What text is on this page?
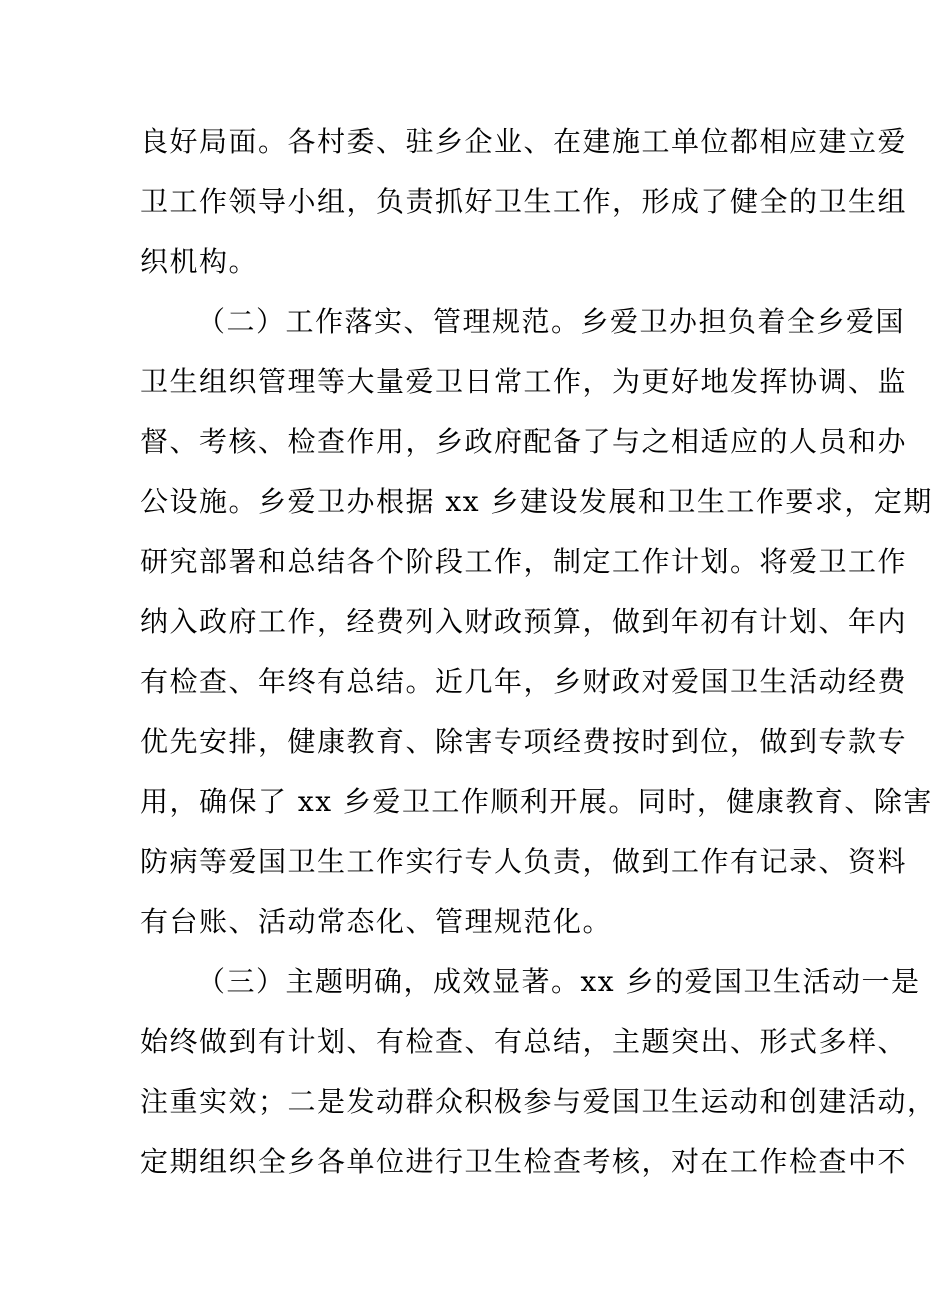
良好局面。各村委、驻乡企业、在建施工单位都相应建立爱
卫工作领导小组，负责抓好卫生工作，形成了健全的卫生组
织机构。
（二）工作落实、管理规范。乡爱卫办担负着全乡爱国
卫生组织管理等大量爱卫日常工作，为更好地发挥协调、监
督、考核、检查作用，乡政府配备了与之相适应的人员和办
公设施。乡爱卫办根据 xx 乡建设发展和卫生工作要求，定期
研究部署和总结各个阶段工作，制定工作计划。将爱卫工作
纳入政府工作，经费列入财政预算，做到年初有计划、年内
有检查、年终有总结。近几年，乡财政对爱国卫生活动经费
优先安排，健康教育、除害专项经费按时到位，做到专款专
用，确保了 xx 乡爱卫工作顺利开展。同时，健康教育、除害
防病等爱国卫生工作实行专人负责，做到工作有记录、资料
有台账、活动常态化、管理规范化。
（三）主题明确，成效显著。xx 乡的爱国卫生活动一是
始终做到有计划、有检查、有总结，主题突出、形式多样、
注重实效；二是发动群众积极参与爱国卫生运动和创建活动，
定期组织全乡各单位进行卫生检查考核，对在工作检查中不
